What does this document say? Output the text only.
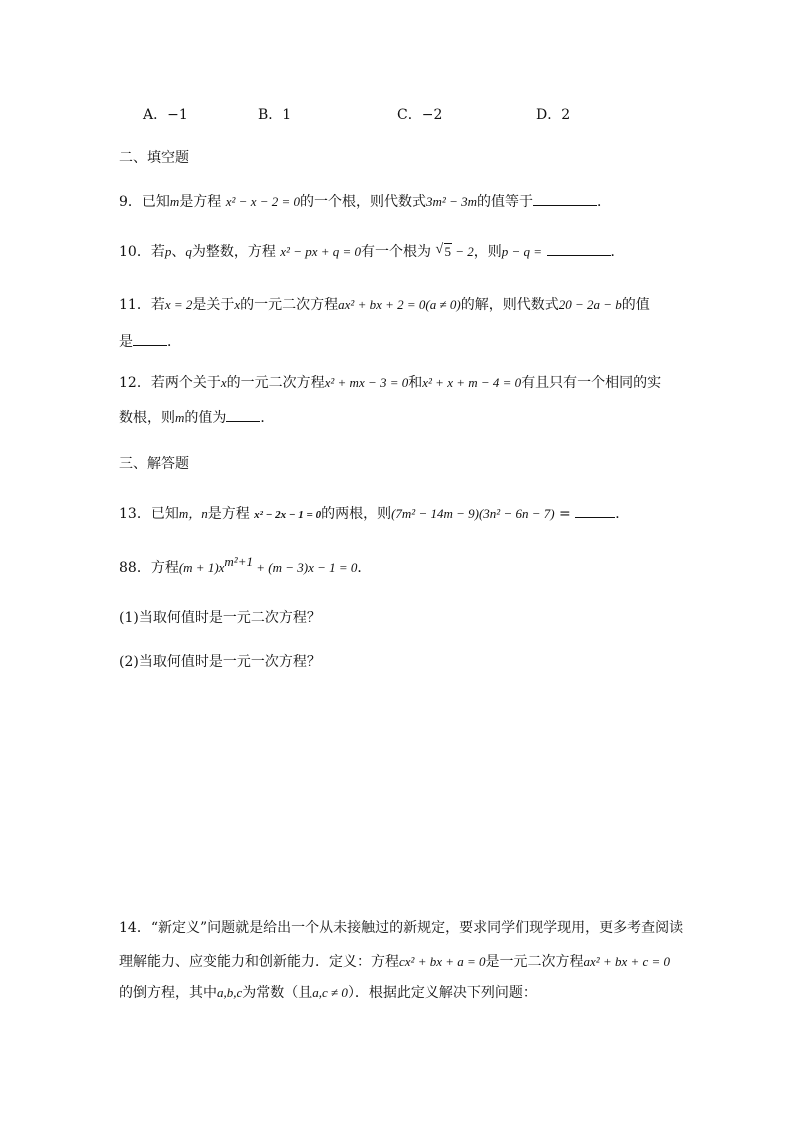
A．−1	B．1	C．−2	D．2
二、填空题
9．已知m是方程 x² − x − 2 = 0的一个根，则代数式3m² − 3m的值等于	．
10．若p、q为整数，方程 x² − px + q = 0有一个根为 √ 5 − 2，则p − q =	．
11．若x = 2是关于x的一元二次方程ax² + bx + 2 = 0(a ≠ 0)的解，则代数式20 − 2a − b的值
是 ．
12．若两个关于x的一元二次方程x² + mx − 3 = 0和x² + x + m − 4 = 0有且只有一个相同的实
数根，则m的值为 ．
三、解答题
13．已知m，n是方程 x² − 2x − 1 = 0的两根，则(7m² − 14m − 9)(3n² − 6n − 7) =	．
88．方程$(m + 1)x^{m^2+1} + (m - 3)x - 1 = 0$．
(1)当取何值时是一元二次方程？
(2)当取何值时是一元一次方程？
14．“新定义”问题就是给出一个从未接触过的新规定，要求同学们现学现用，更多考查阅读
理解能力、应变能力和创新能力．定义：方程cx² + bx + a = 0是一元二次方程ax² + bx + c = 0
的倒方程，其中a,b,c为常数（且a,c ≠ 0）．根据此定义解决下列问题：
